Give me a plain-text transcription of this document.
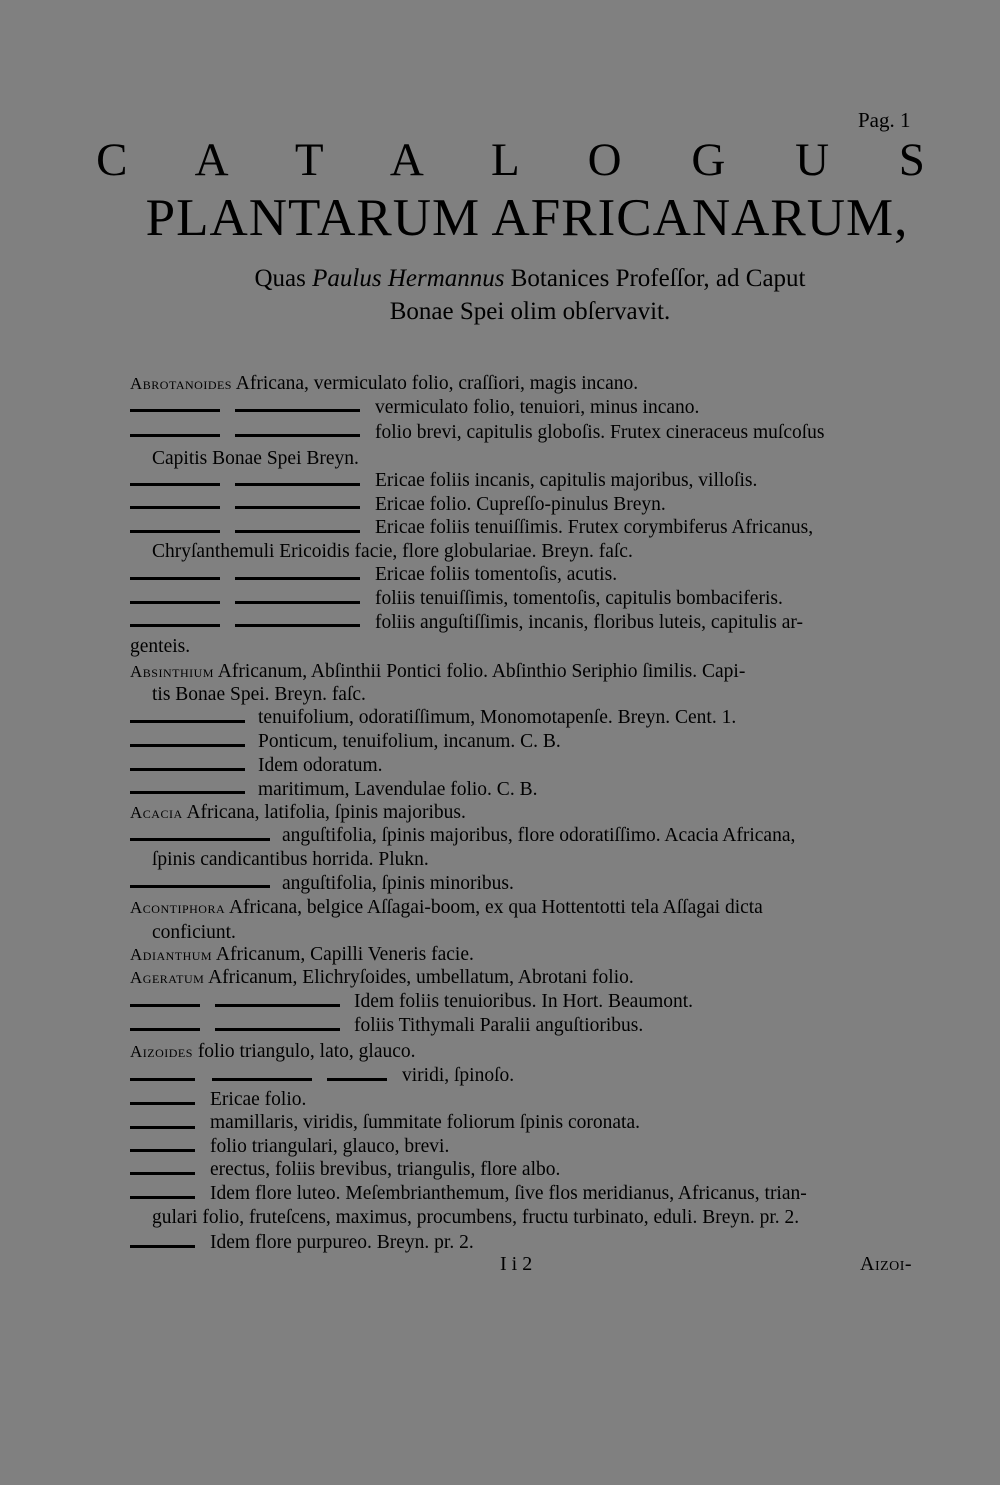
Pag. 1
C A T A L O G U S
PLANTARUM AFRICANARUM,
Quas Paulus Hermannus Botanices Profeſſor, ad Caput
Bonae Spei olim obſervavit.
Abrotanoides Africana, vermiculato folio, craſſiori, magis incano.
vermiculato folio, tenuiori, minus incano.
folio brevi, capitulis globoſis. Frutex cineraceus muſcoſus
Capitis Bonae Spei Breyn.
Ericae foliis incanis, capitulis majoribus, villoſis.
Ericae folio. Cupreſſo-pinulus Breyn.
Ericae foliis tenuiſſimis. Frutex corymbiferus Africanus,
Chryſanthemuli Ericoidis facie, flore globulariae. Breyn. faſc.
Ericae foliis tomentoſis, acutis.
foliis tenuiſſimis, tomentoſis, capitulis bombaciferis.
foliis anguſtiſſimis, incanis, floribus luteis, capitulis ar-
genteis.
Absinthium Africanum, Abſinthii Pontici folio. Abſinthio Seriphio ſimilis. Capi-
tis Bonae Spei. Breyn. faſc.
tenuifolium, odoratiſſimum, Monomotapenſe. Breyn. Cent. 1.
Ponticum, tenuifolium, incanum. C. B.
Idem odoratum.
maritimum, Lavendulae folio. C. B.
Acacia Africana, latifolia, ſpinis majoribus.
anguſtifolia, ſpinis majoribus, flore odoratiſſimo. Acacia Africana,
ſpinis candicantibus horrida. Plukn.
anguſtifolia, ſpinis minoribus.
Acontiphora Africana, belgice Aſſagai-boom, ex qua Hottentotti tela Aſſagai dicta
conficiunt.
Adianthum Africanum, Capilli Veneris facie.
Ageratum Africanum, Elichryſoides, umbellatum, Abrotani folio.
Idem foliis tenuioribus. In Hort. Beaumont.
foliis Tithymali Paralii anguſtioribus.
Aizoides folio triangulo, lato, glauco.
viridi, ſpinoſo.
Ericae folio.
mamillaris, viridis, ſummitate foliorum ſpinis coronata.
folio triangulari, glauco, brevi.
erectus, foliis brevibus, triangulis, flore albo.
Idem flore luteo. Meſembrianthemum, ſive flos meridianus, Africanus, trian-
gulari folio, fruteſcens, maximus, procumbens, fructu turbinato, eduli. Breyn. pr. 2.
Idem flore purpureo. Breyn. pr. 2.
I i 2	Aizoi-
